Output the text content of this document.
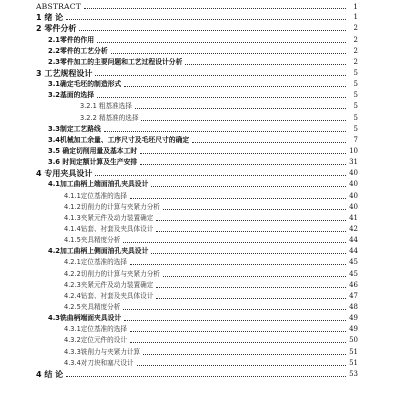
ABSTRACT	1
1 绪 论	1
2 零件分析	2
2.1零件的作用	2
2.2零件的工艺分析	2
2.3零件加工的主要问题和工艺过程设计分析	2
3 工艺规程设计	5
3.1确定毛坯的制造形式	5
3.2基面的选择	5
3.2.1 粗基准选择	5
3.2.2 精基准的选择	5
3.3制定工艺路线	5
3.4机械加工余量、工序尺寸及毛坯尺寸的确定	7
3.5 确定切削用量及基本工时	10
3.6 时间定额计算及生产安排	31
4 专用夹具设计	40
4.1加工曲柄上端面油孔夹具设计	40
4.1.1定位基准的选择	40
4.1.2切削力的计算与夹紧力分析	40
4.1.3夹紧元件及动力装置确定	41
4.1.4钻套、衬套及夹具体设计	42
4.1.5夹具精度分析	44
4.2加工曲柄上侧面油孔夹具设计	44
4.2.1定位基准的选择	45
4.2.2切削力的计算与夹紧力分析	45
4.2.3夹紧元件及动力装置确定	46
4.2.4钻套、衬套及夹具体设计	47
4.2.5夹具精度分析	48
4.3铣曲柄端面夹具设计	49
4.3.1定位基准的选择	49
4.3.2定位元件的设计	50
4.3.3铣削力与夹紧力计算	51
4.3.4对刀块和塞尺设计	51
4 结 论	53
